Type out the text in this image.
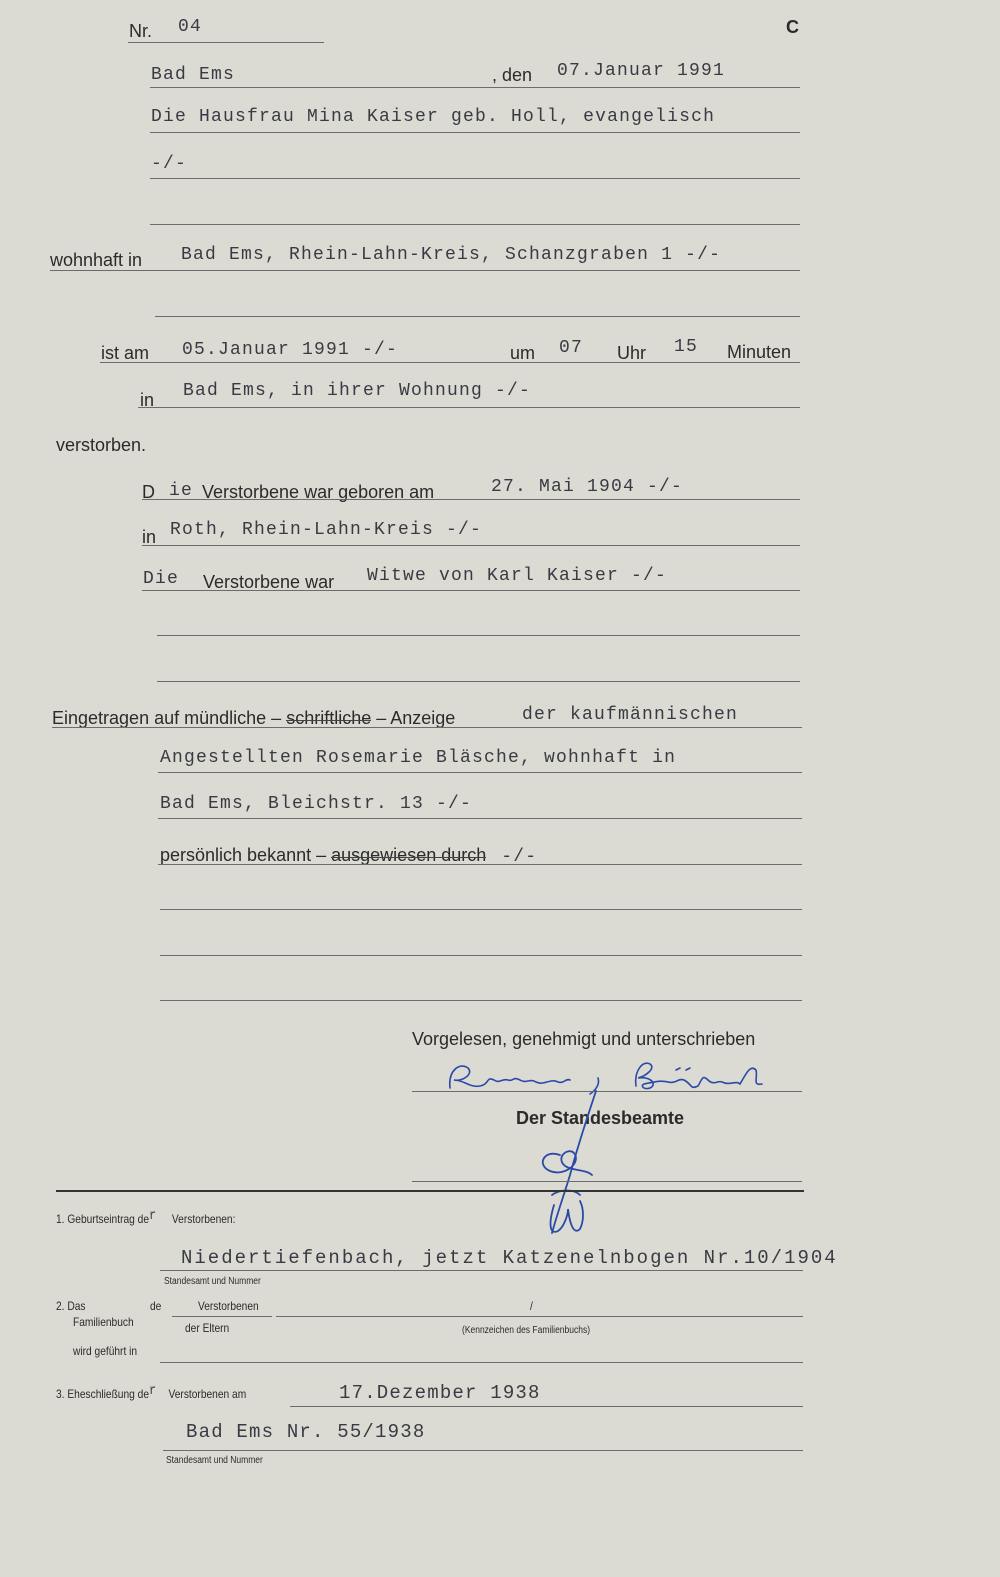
Nr. 04	C
Bad Ems	, den 07.Januar 1991
Die Hausfrau Mina Kaiser geb. Holl, evangelisch
-/-
wohnhaft in Bad Ems, Rhein-Lahn-Kreis, Schanzgraben 1 -/-
ist am 05.Januar 1991 -/-	um 07 Uhr 15 Minuten
in Bad Ems, in ihrer Wohnung -/-
verstorben.
D ie Verstorbene war geboren am	27. Mai 1904 -/-
in Roth, Rhein-Lahn-Kreis -/-
Die Verstorbene war Witwe von Karl Kaiser -/-
Eingetragen auf mündliche – schriftliche – Anzeige	der kaufmännischen
Angestellten Rosemarie Bläsche, wohnhaft in
Bad Ems, Bleichstr. 13 -/-
persönlich bekannt – ausgewiesen durch -/-
Vorgelesen, genehmigt und unterschrieben
Der Standesbeamte
1. Geburtseintrag der Verstorbenen:
Niedertiefenbach, jetzt Katzenelnbogen Nr.10/1904
Standesamt und Nummer
2. Das
Familienbuch
de	Verstorbenen
der Eltern
/
(Kennzeichen des Familienbuchs)
wird geführt in
3. Eheschließung der Verstorbenen am	17.Dezember 1938
Bad Ems Nr. 55/1938
Standesamt und Nummer
